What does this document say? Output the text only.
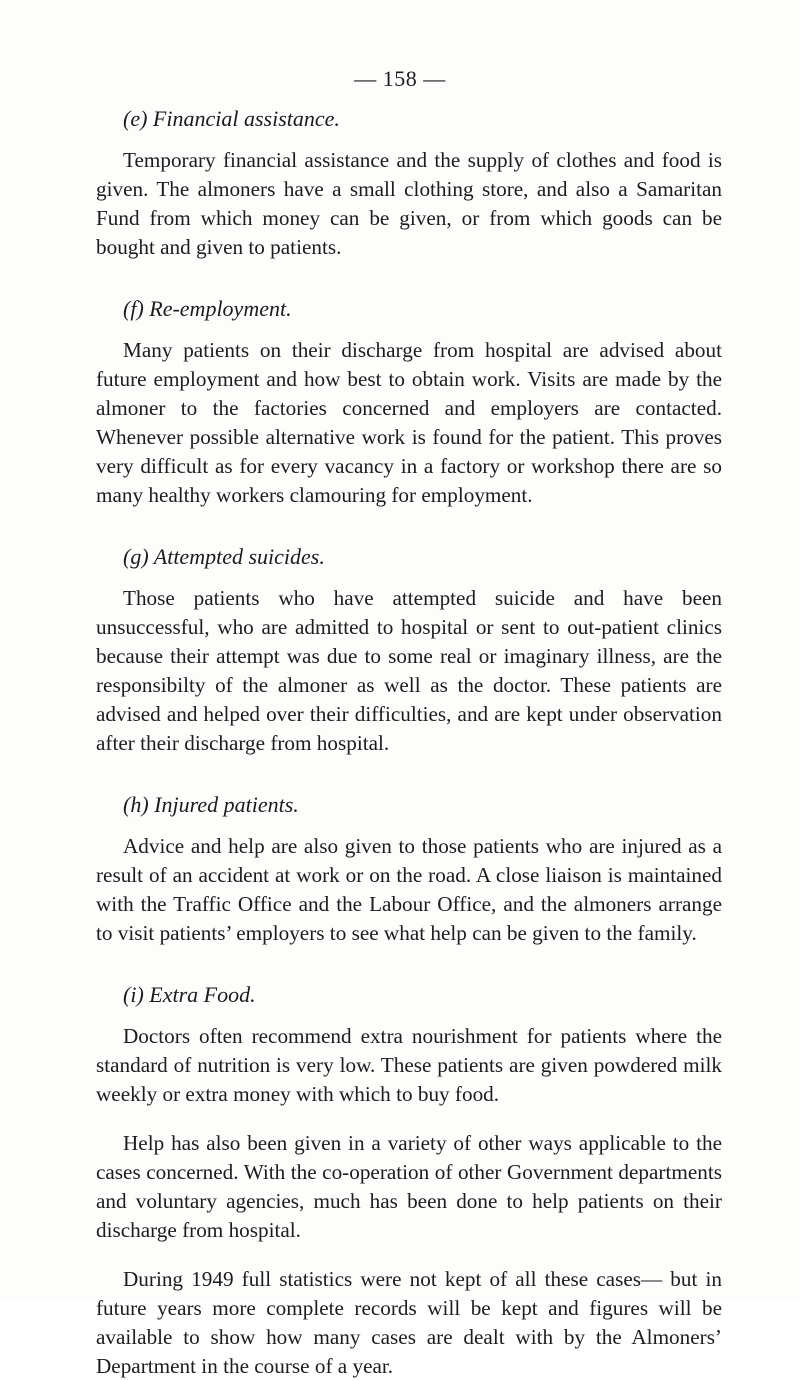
— 158 —
(e) Financial assistance.

Temporary financial assistance and the supply of clothes and food is given. The almoners have a small clothing store, and also a Samaritan Fund from which money can be given, or from which goods can be bought and given to patients.

(f) Re-employment.

Many patients on their discharge from hospital are advised about future employment and how best to obtain work. Visits are made by the almoner to the factories concerned and employers are contacted. Whenever possible alternative work is found for the patient. This proves very difficult as for every vacancy in a factory or workshop there are so many healthy workers clamouring for employment.

(g) Attempted suicides.

Those patients who have attempted suicide and have been unsuccessful, who are admitted to hospital or sent to out-patient clinics because their attempt was due to some real or imaginary illness, are the responsibilty of the almoner as well as the doctor. These patients are advised and helped over their difficulties, and are kept under observation after their discharge from hospital.

(h) Injured patients.

Advice and help are also given to those patients who are injured as a result of an accident at work or on the road. A close liaison is maintained with the Traffic Office and the Labour Office, and the almoners arrange to visit patients’ employers to see what help can be given to the family.

(i) Extra Food.

Doctors often recommend extra nourishment for patients where the standard of nutrition is very low. These patients are given powdered milk weekly or extra money with which to buy food.

Help has also been given in a variety of other ways applicable to the cases concerned. With the co-operation of other Government departments and voluntary agencies, much has been done to help patients on their discharge from hospital.

During 1949 full statistics were not kept of all these cases— but in future years more complete records will be kept and figures will be available to show how many cases are dealt with by the Almoners’ Department in the course of a year.
